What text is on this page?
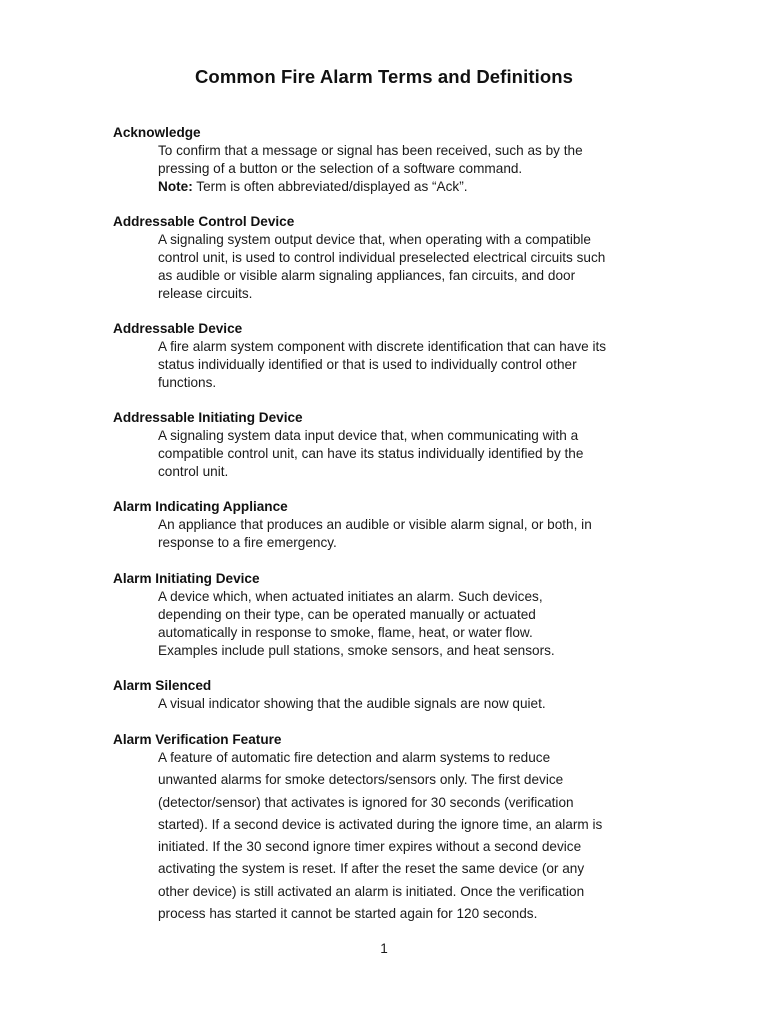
Common Fire Alarm Terms and Definitions
Acknowledge
To confirm that a message or signal has been received, such as by the
pressing of a button or the selection of a software command.
Note: Term is often abbreviated/displayed as “Ack”.
Addressable Control Device
A signaling system output device that, when operating with a compatible
control unit, is used to control individual preselected electrical circuits such
as audible or visible alarm signaling appliances, fan circuits, and door
release circuits.
Addressable Device
A fire alarm system component with discrete identification that can have its
status individually identified or that is used to individually control other
functions.
Addressable Initiating Device
A signaling system data input device that, when communicating with a
compatible control unit, can have its status individually identified by the
control unit.
Alarm Indicating Appliance
An appliance that produces an audible or visible alarm signal, or both, in
response to a fire emergency.
Alarm Initiating Device
A device which, when actuated initiates an alarm. Such devices,
depending on their type, can be operated manually or actuated
automatically in response to smoke, flame, heat, or water flow.
Examples include pull stations, smoke sensors, and heat sensors.
Alarm Silenced
A visual indicator showing that the audible signals are now quiet.
Alarm Verification Feature
A feature of automatic fire detection and alarm systems to reduce
unwanted alarms for smoke detectors/sensors only. The first device
(detector/sensor) that activates is ignored for 30 seconds (verification
started). If a second device is activated during the ignore time, an alarm is
initiated. If the 30 second ignore timer expires without a second device
activating the system is reset. If after the reset the same device (or any
other device) is still activated an alarm is initiated. Once the verification
process has started it cannot be started again for 120 seconds.
1
